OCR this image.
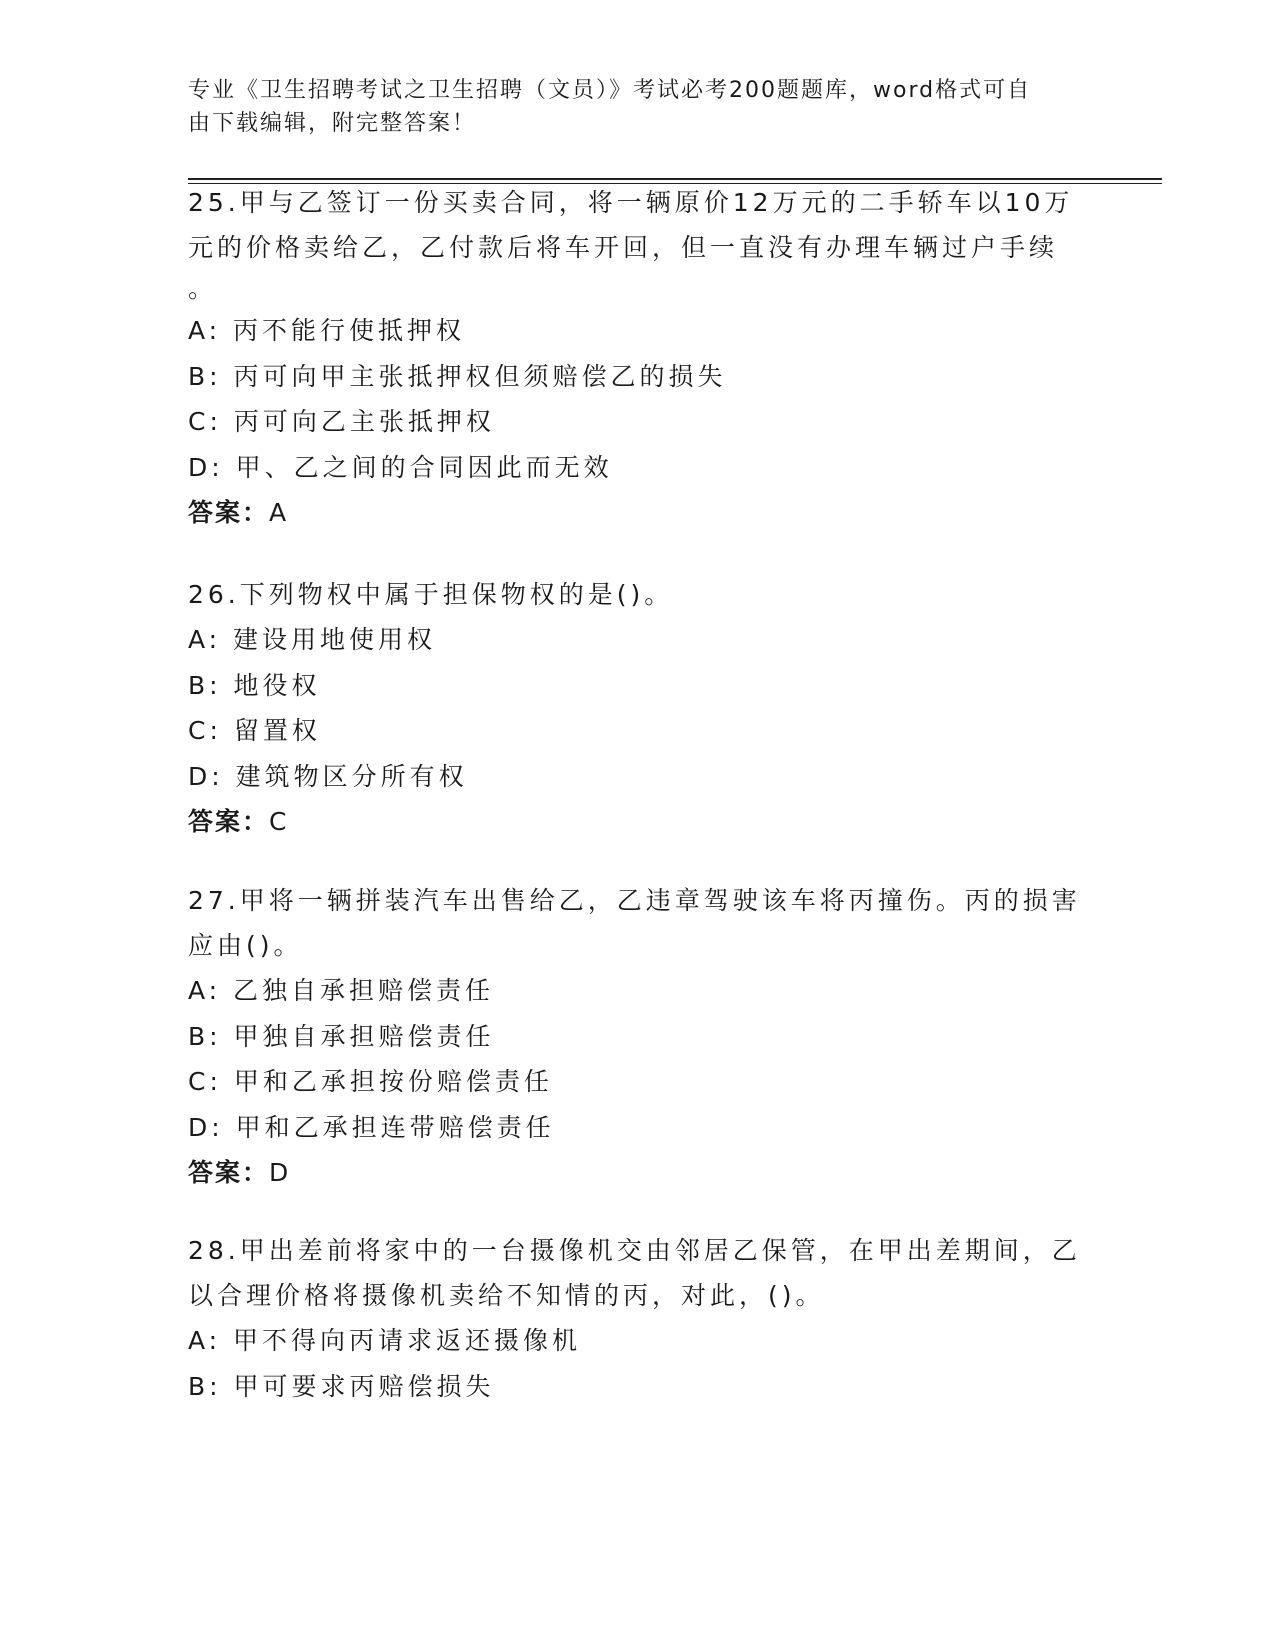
专业《卫生招聘考试之卫生招聘（文员）》考试必考200题题库，word格式可自
由下载编辑，附完整答案！
25.甲与乙签订一份买卖合同，将一辆原价12万元的二手轿车以10万
元的价格卖给乙，乙付款后将车开回，但一直没有办理车辆过户手续
。
A: 丙不能行使抵押权
B: 丙可向甲主张抵押权但须赔偿乙的损失
C: 丙可向乙主张抵押权
D: 甲、乙之间的合同因此而无效
答案：A
26.下列物权中属于担保物权的是()。
A: 建设用地使用权
B: 地役权
C: 留置权
D: 建筑物区分所有权
答案：C
27.甲将一辆拼装汽车出售给乙，乙违章驾驶该车将丙撞伤。丙的损害
应由()。
A: 乙独自承担赔偿责任
B: 甲独自承担赔偿责任
C: 甲和乙承担按份赔偿责任
D: 甲和乙承担连带赔偿责任
答案：D
28.甲出差前将家中的一台摄像机交由邻居乙保管，在甲出差期间，乙
以合理价格将摄像机卖给不知情的丙，对此，()。
A: 甲不得向丙请求返还摄像机
B: 甲可要求丙赔偿损失
